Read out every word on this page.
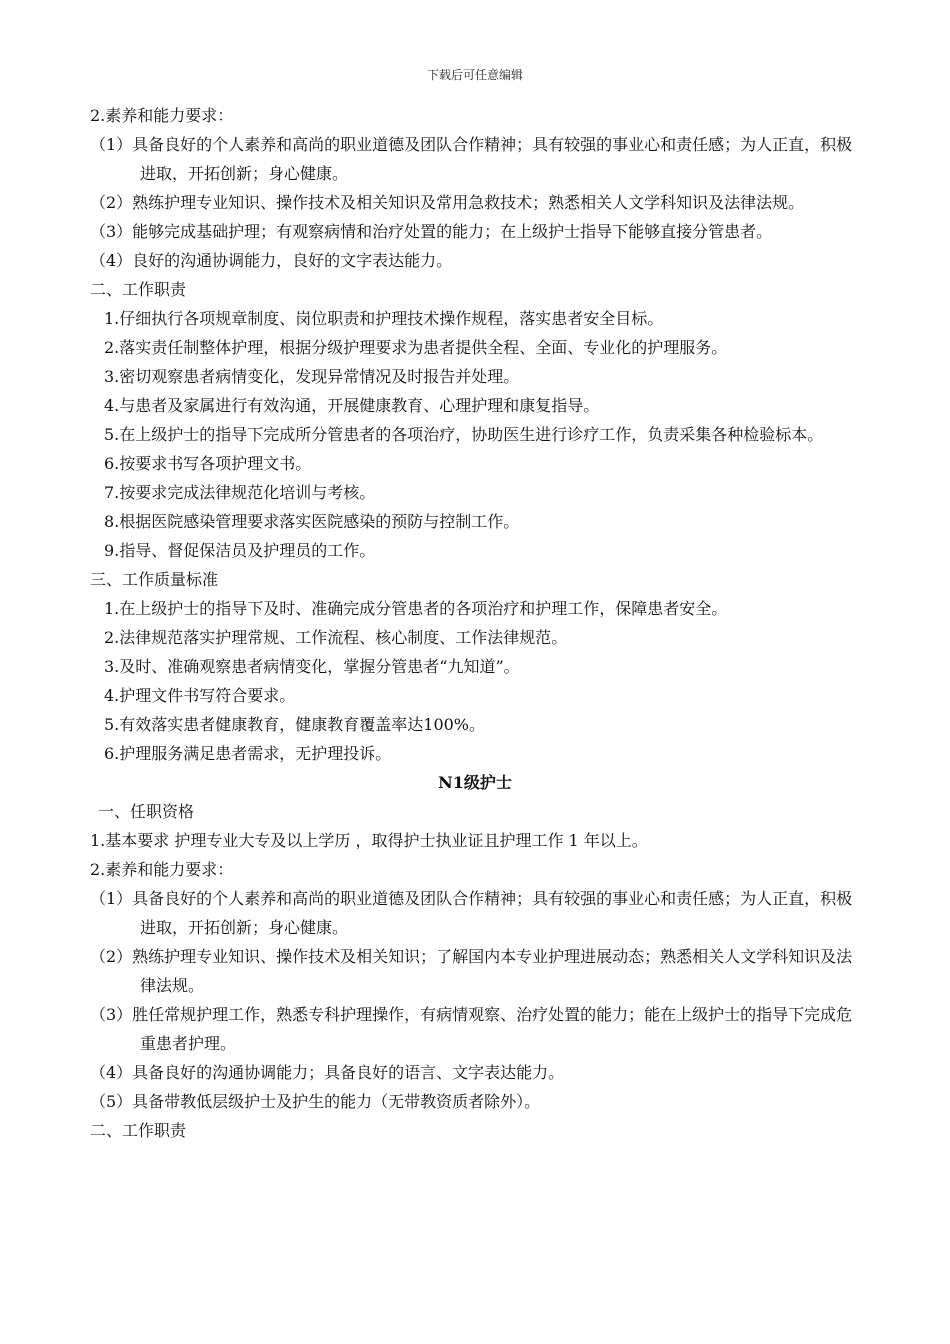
下载后可任意编辑
2.素养和能力要求：
（1）具备良好的个人素养和高尚的职业道德及团队合作精神；具有较强的事业心和责任感；为人正直，积极进取，开拓创新；身心健康。
（2）熟练护理专业知识、操作技术及相关知识及常用急救技术；熟悉相关人文学科知识及法律法规。
（3）能够完成基础护理；有观察病情和治疗处置的能力；在上级护士指导下能够直接分管患者。
（4）良好的沟通协调能力，良好的文字表达能力。
二、工作职责
1.仔细执行各项规章制度、岗位职责和护理技术操作规程，落实患者安全目标。
2.落实责任制整体护理，根据分级护理要求为患者提供全程、全面、专业化的护理服务。
3.密切观察患者病情变化，发现异常情况及时报告并处理。
4.与患者及家属进行有效沟通，开展健康教育、心理护理和康复指导。
5.在上级护士的指导下完成所分管患者的各项治疗，协助医生进行诊疗工作，负责采集各种检验标本。
6.按要求书写各项护理文书。
7.按要求完成法律规范化培训与考核。
8.根据医院感染管理要求落实医院感染的预防与控制工作。
9.指导、督促保洁员及护理员的工作。
三、工作质量标准
1.在上级护士的指导下及时、准确完成分管患者的各项治疗和护理工作，保障患者安全。
2.法律规范落实护理常规、工作流程、核心制度、工作法律规范。
3.及时、准确观察患者病情变化，掌握分管患者“九知道”。
4.护理文件书写符合要求。
5.有效落实患者健康教育，健康教育覆盖率达100%。
6.护理服务满足患者需求，无护理投诉。
N1级护士
一、任职资格
1.基本要求 护理专业大专及以上学历 ，取得护士执业证且护理工作 1 年以上。
2.素养和能力要求：
（1）具备良好的个人素养和高尚的职业道德及团队合作精神；具有较强的事业心和责任感；为人正直，积极进取，开拓创新；身心健康。
（2）熟练护理专业知识、操作技术及相关知识；了解国内本专业护理进展动态；熟悉相关人文学科知识及法律法规。
（3）胜任常规护理工作，熟悉专科护理操作，有病情观察、治疗处置的能力；能在上级护士的指导下完成危重患者护理。
（4）具备良好的沟通协调能力；具备良好的语言、文字表达能力。
（5）具备带教低层级护士及护生的能力（无带教资质者除外）。
二、工作职责
